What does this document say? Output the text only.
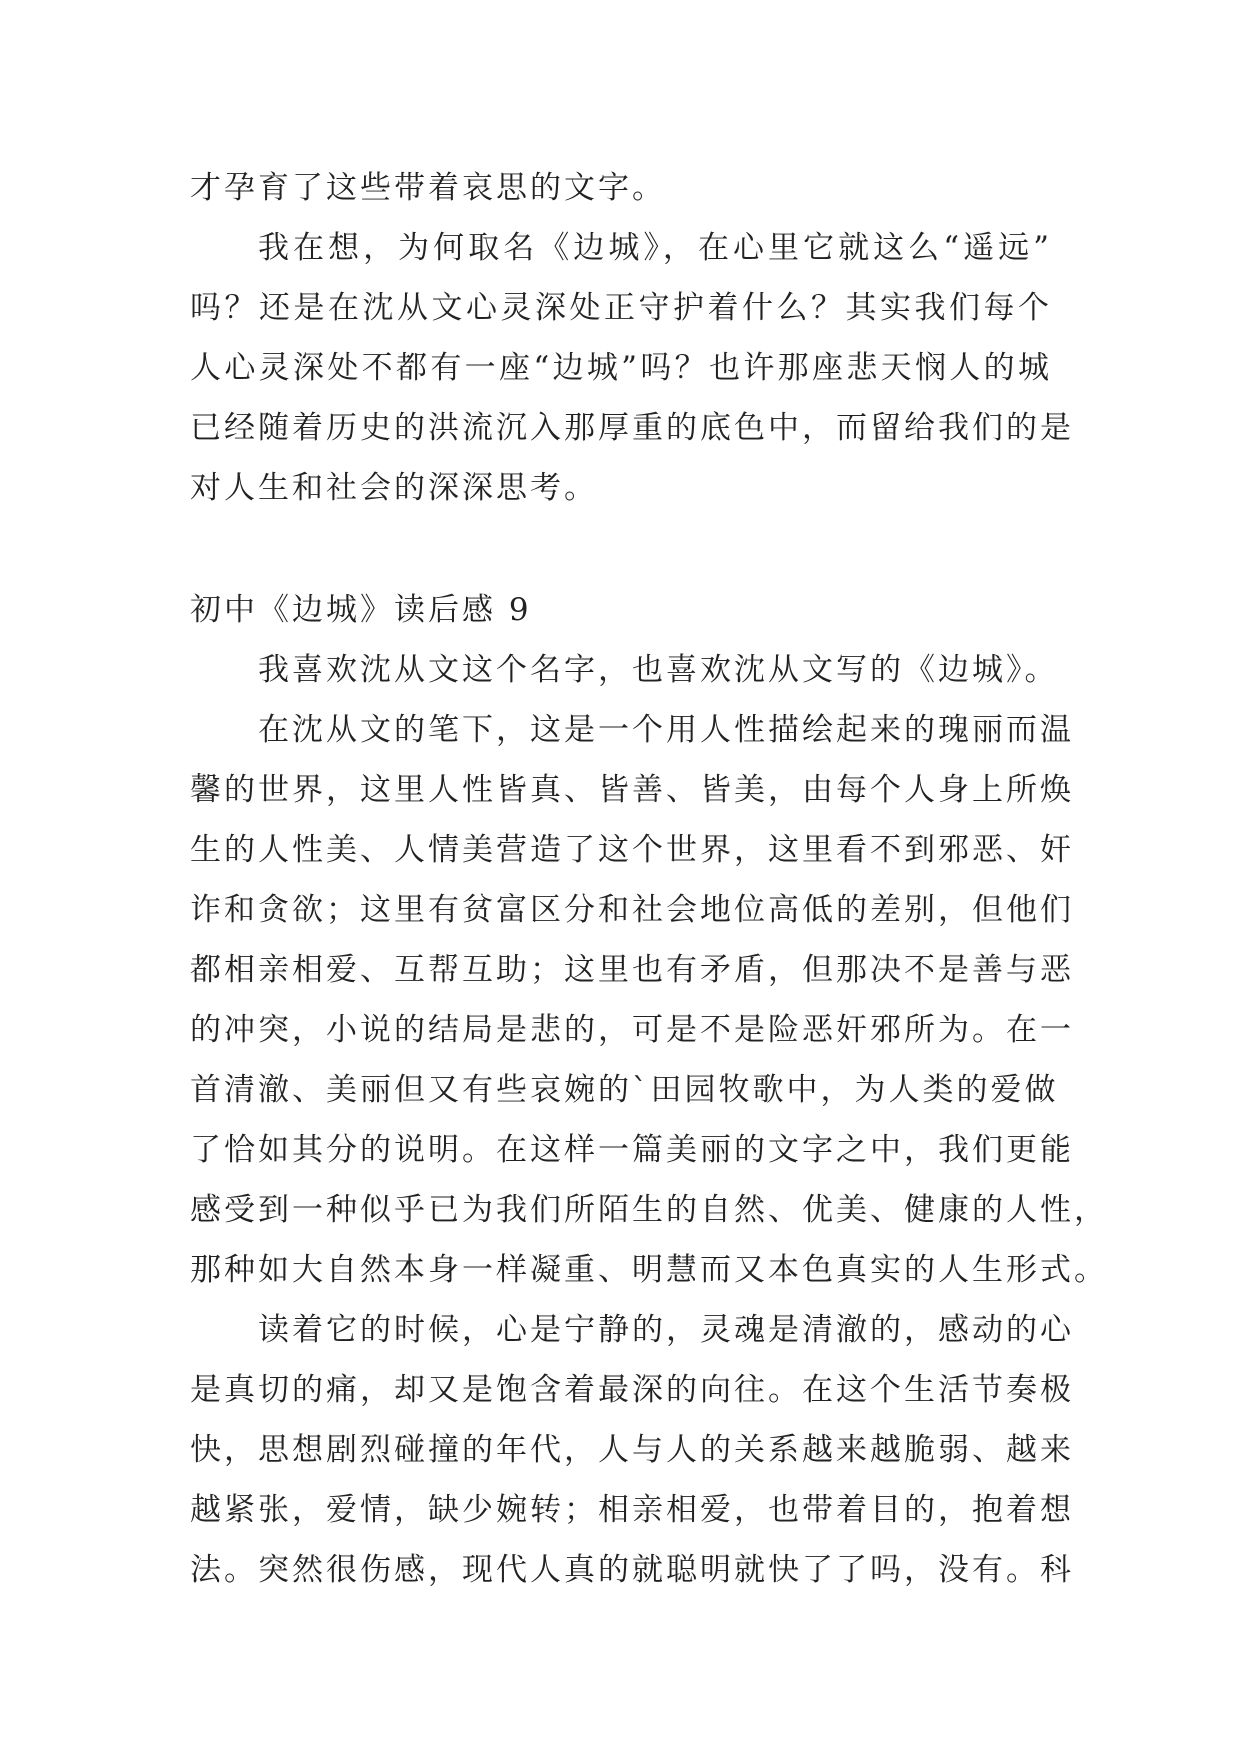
才孕育了这些带着哀思的文字。
我在想，为何取名《边城》，在心里它就这么“遥远”
吗？还是在沈从文心灵深处正守护着什么？其实我们每个
人心灵深处不都有一座“边城”吗？也许那座悲天悯人的城
已经随着历史的洪流沉入那厚重的底色中，而留给我们的是
对人生和社会的深深思考。
初中《边城》读后感 9
我喜欢沈从文这个名字，也喜欢沈从文写的《边城》。
在沈从文的笔下，这是一个用人性描绘起来的瑰丽而温
馨的世界，这里人性皆真、皆善、皆美，由每个人身上所焕
生的人性美、人情美营造了这个世界，这里看不到邪恶、奸
诈和贪欲；这里有贫富区分和社会地位高低的差别，但他们
都相亲相爱、互帮互助；这里也有矛盾，但那决不是善与恶
的冲突，小说的结局是悲的，可是不是险恶奸邪所为。在一
首清澈、美丽但又有些哀婉的`田园牧歌中，为人类的爱做
了恰如其分的说明。在这样一篇美丽的文字之中，我们更能
感受到一种似乎已为我们所陌生的自然、优美、健康的人性，
那种如大自然本身一样凝重、明慧而又本色真实的人生形式。
读着它的时候，心是宁静的，灵魂是清澈的，感动的心
是真切的痛，却又是饱含着最深的向往。在这个生活节奏极
快，思想剧烈碰撞的年代，人与人的关系越来越脆弱、越来
越紧张，爱情，缺少婉转；相亲相爱，也带着目的，抱着想
法。突然很伤感，现代人真的就聪明就快了了吗，没有。科
